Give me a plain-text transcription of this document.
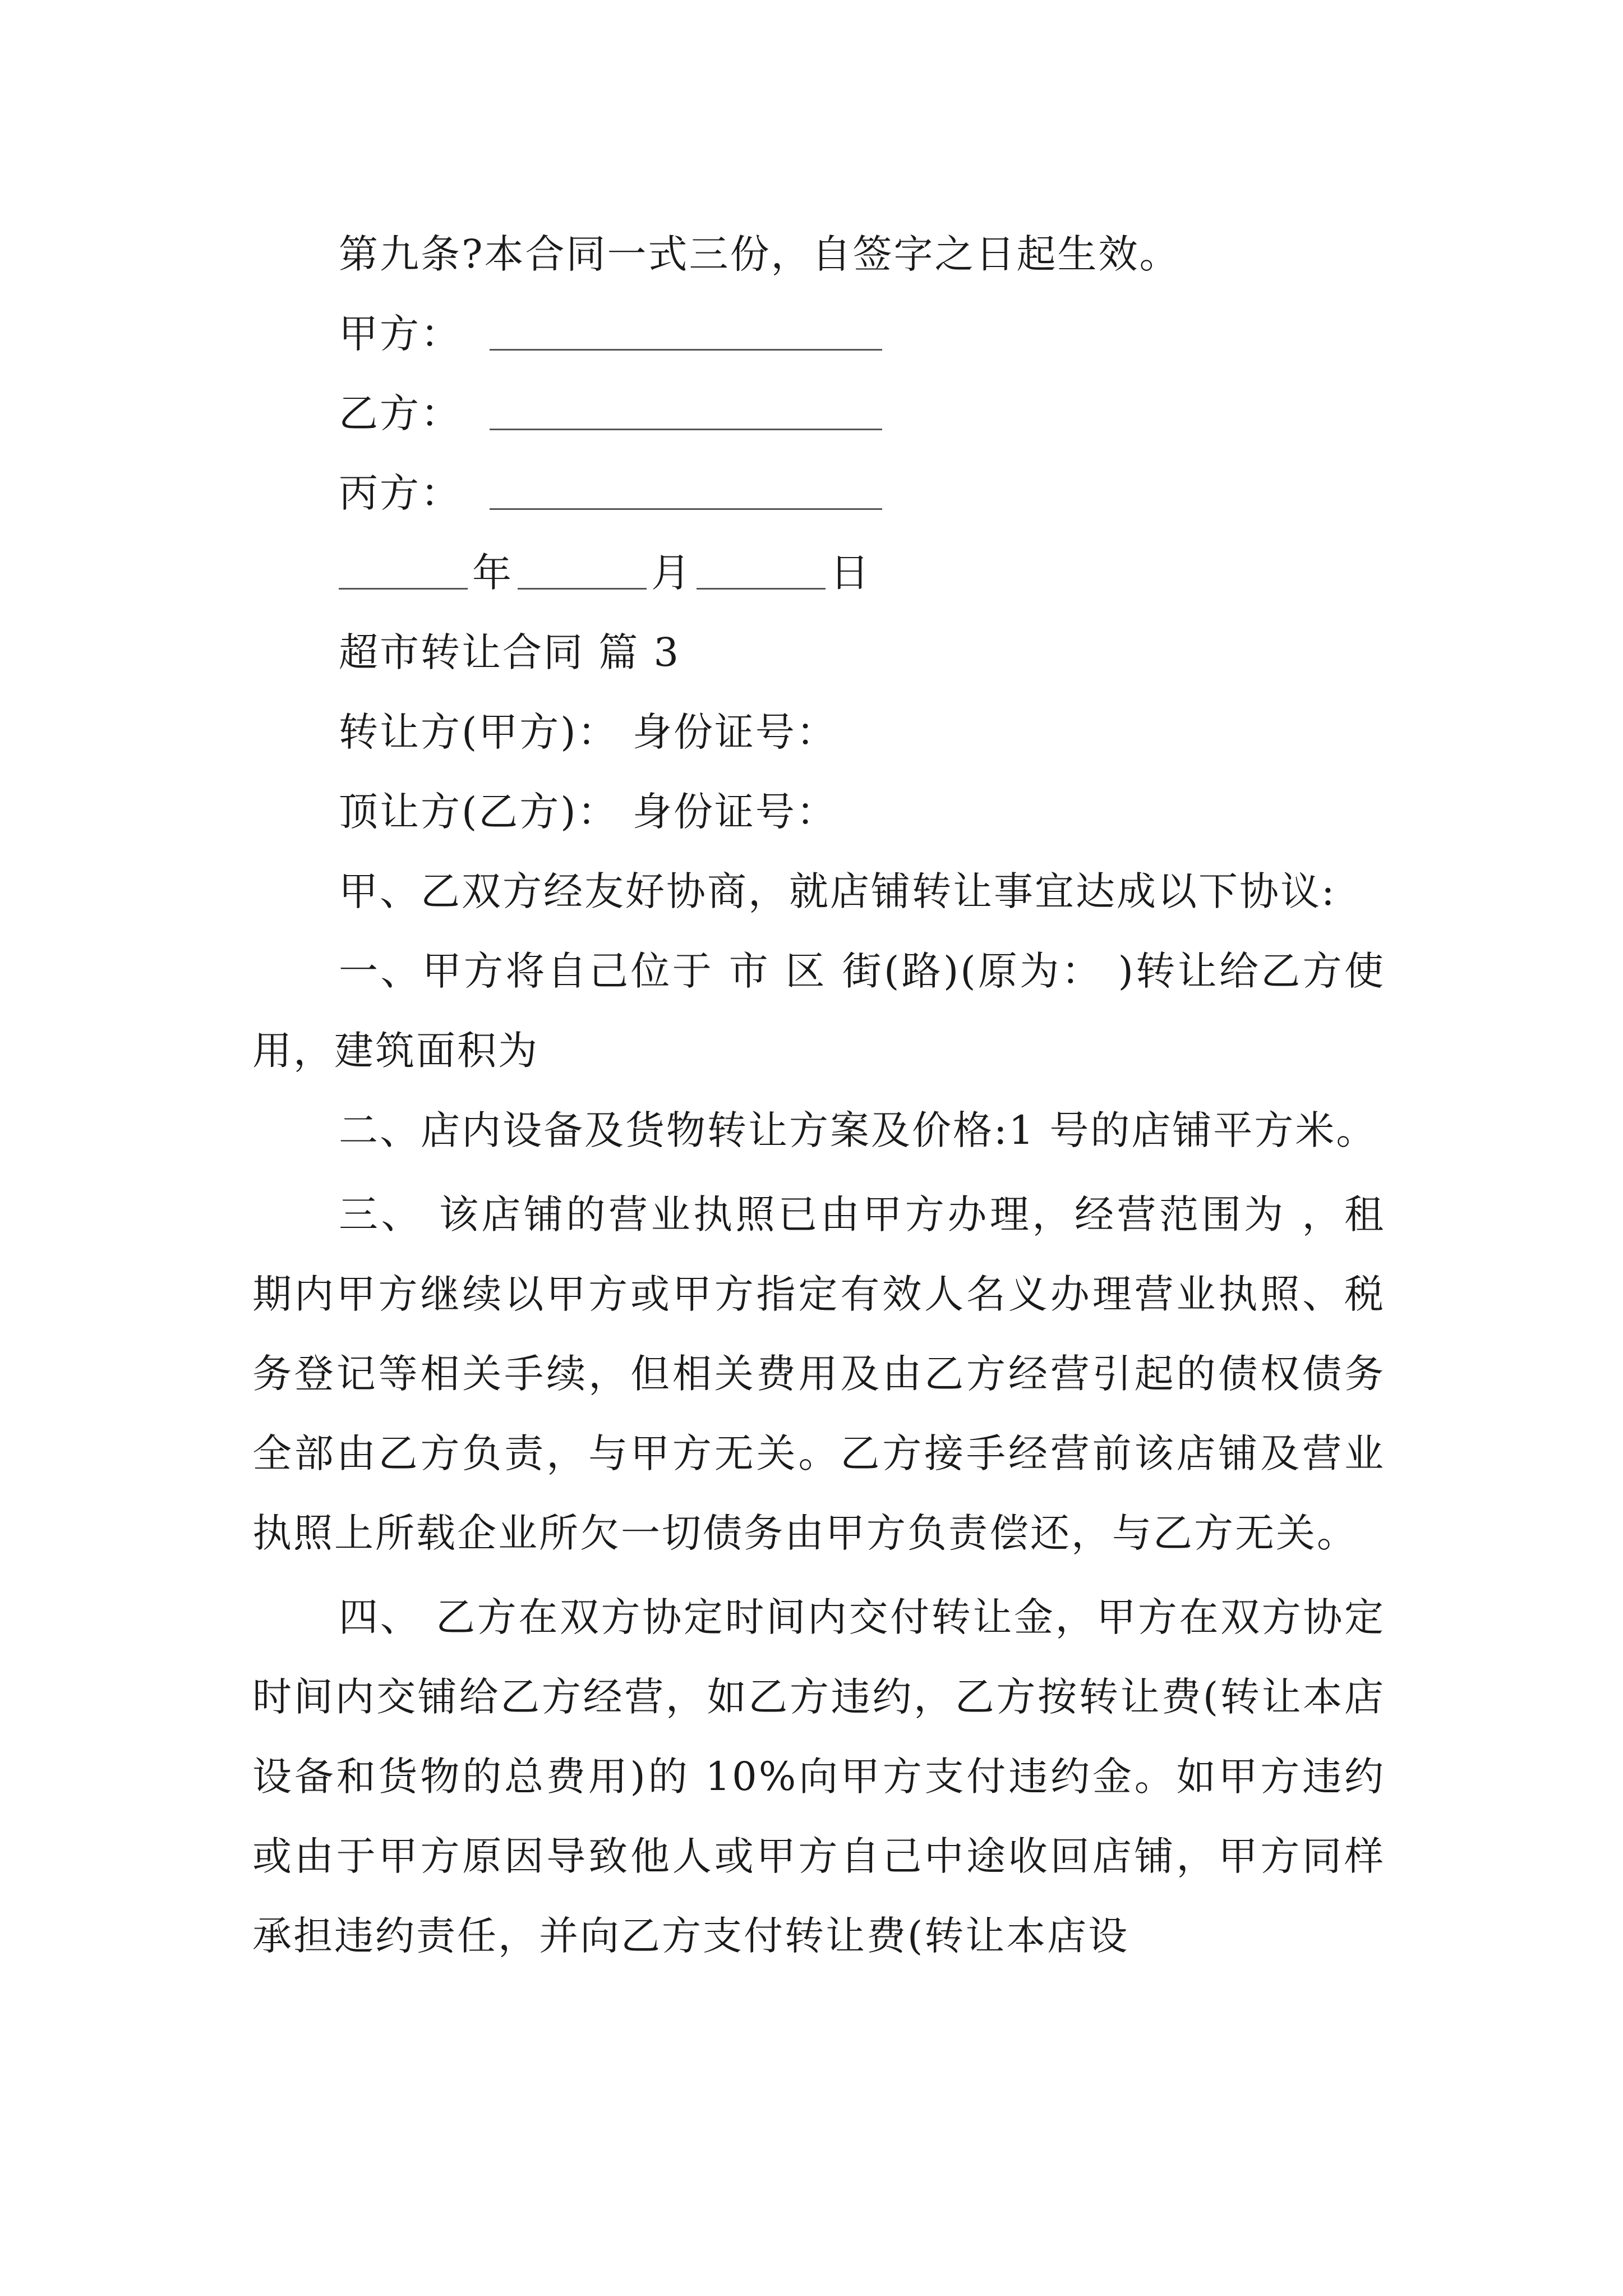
第九条?本合同一式三份，自签字之日起生效。
甲方：
乙方：
丙方：
年	月	日
超市转让合同 篇 3
转让方(甲方)： 身份证号：
顶让方(乙方)： 身份证号：
甲、乙双方经友好协商，就店铺转让事宜达成以下协议:
一、甲方将自己位于 市 区 街(路)(原为： )转让给乙方使用，建筑面积为
二、店内设备及货物转让方案及价格:1 号的店铺平方米。
三、 该店铺的营业执照已由甲方办理，经营范围为 ，租期内甲方继续以甲方或甲方指定有效人名义办理营业执照、税务登记等相关手续，但相关费用及由乙方经营引起的债权债务全部由乙方负责，与甲方无关。乙方接手经营前该店铺及营业执照上所载企业所欠一切债务由甲方负责偿还，与乙方无关。
四、 乙方在双方协定时间内交付转让金，甲方在双方协定时间内交铺给乙方经营，如乙方违约，乙方按转让费(转让本店设备和货物的总费用)的 10%向甲方支付违约金。如甲方违约或由于甲方原因导致他人或甲方自己中途收回店铺，甲方同样承担违约责任，并向乙方支付转让费(转让本店设
